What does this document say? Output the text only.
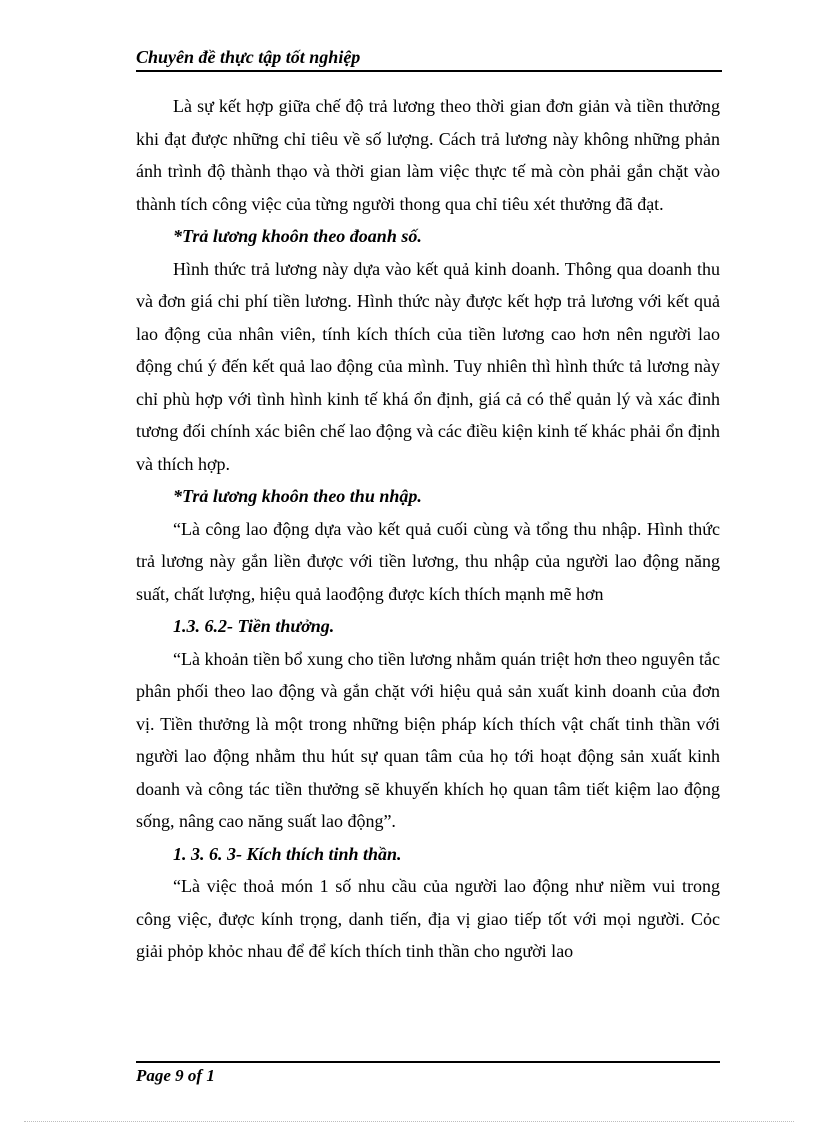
Chuyên đề thực tập tốt nghiệp

Là sự kết hợp giữa chế độ trả lương theo thời gian đơn giản và tiền thưởng khi đạt được những chỉ tiêu về số lượng. Cách trả lương này không những phản ánh trình độ thành thạo và thời gian làm việc thực tế mà còn phải gắn chặt vào thành tích công việc của từng người thong qua chỉ tiêu xét thưởng đã đạt.

*Trả lương khoôn theo đoanh số.

Hình thức trả lương này dựa vào kết quả kinh doanh. Thông qua doanh thu và đơn giá chi phí tiền lương. Hình thức này được kết hợp trả lương với kết quả lao động của nhân viên, tính kích thích của tiền lương cao hơn nên người lao động chú ý đến kết quả lao động của mình. Tuy nhiên thì hình thức tả lương này chỉ phù hợp với tình hình kinh tế khá ổn định, giá cả có thể quản lý và xác đinh tương đối chính xác biên chế lao động và các điều kiện kinh tế khác phải ổn định và thích hợp.

*Trả lương khoôn theo thu nhập.

“Là công lao động dựa vào kết quả cuối cùng và tổng thu nhập. Hình thức trả lương này gắn liền được với tiền lương, thu nhập của người lao động năng suất, chất lượng, hiệu quả laođộng được kích thích mạnh mẽ hơn

1.3. 6.2- Tiền thưởng.

“Là khoản tiền bổ xung cho tiền lương nhằm quán triệt hơn theo nguyên tắc phân phối theo lao động và gắn chặt với hiệu quả sản xuất kinh doanh của đơn vị. Tiền thưởng là một trong những biện pháp kích thích vật chất tinh thần với người lao động nhằm thu hút sự quan tâm của họ tới hoạt động sản xuất kinh doanh và công tác tiền thưởng sẽ khuyến khích họ quan tâm tiết kiệm lao động sống, nâng cao năng suất lao động”.

1. 3. 6. 3- Kích thích tinh thần.

“Là việc thoả món 1 số nhu cầu của người lao động như niềm vui trong công việc, được kính trọng, danh tiến, địa vị giao tiếp tốt với mọi người. Cỏc giải phỏp khỏc nhau để để kích thích tinh thần cho người lao

Page 9 of 1
